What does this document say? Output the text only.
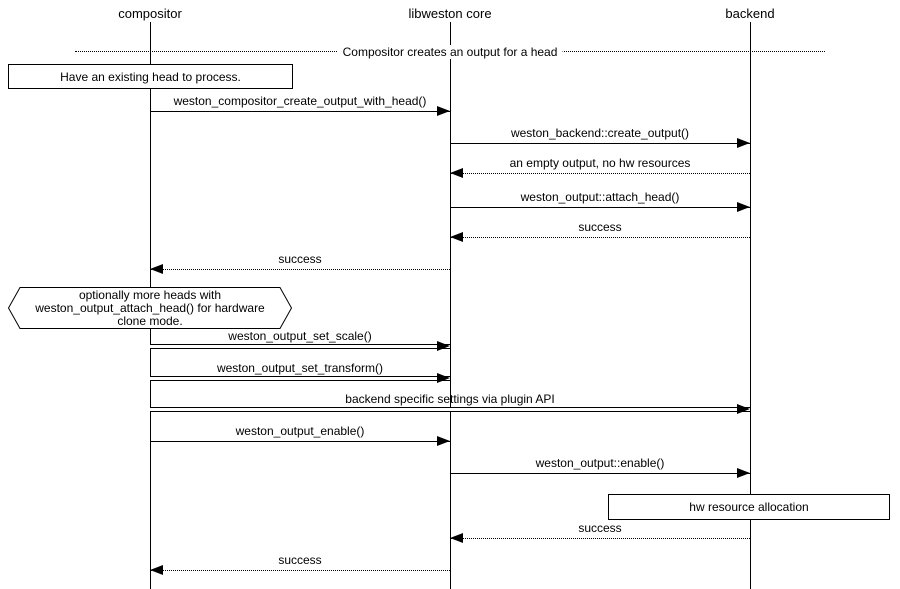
compositor	libweston core	backend
Compositor creates an output for a head
weston_compositor_create_output_with_head()
weston_backend::create_output()
an empty output, no hw resources
weston_output::attach_head()
success
success
weston_output_set_scale()
weston_output_set_transform()
backend specific settings via plugin API
weston_output_enable()
weston_output::enable()
success
success
Have an existing head to process.
optionally more heads with
weston_output_attach_head() for hardware
clone mode.
hw resource allocation
